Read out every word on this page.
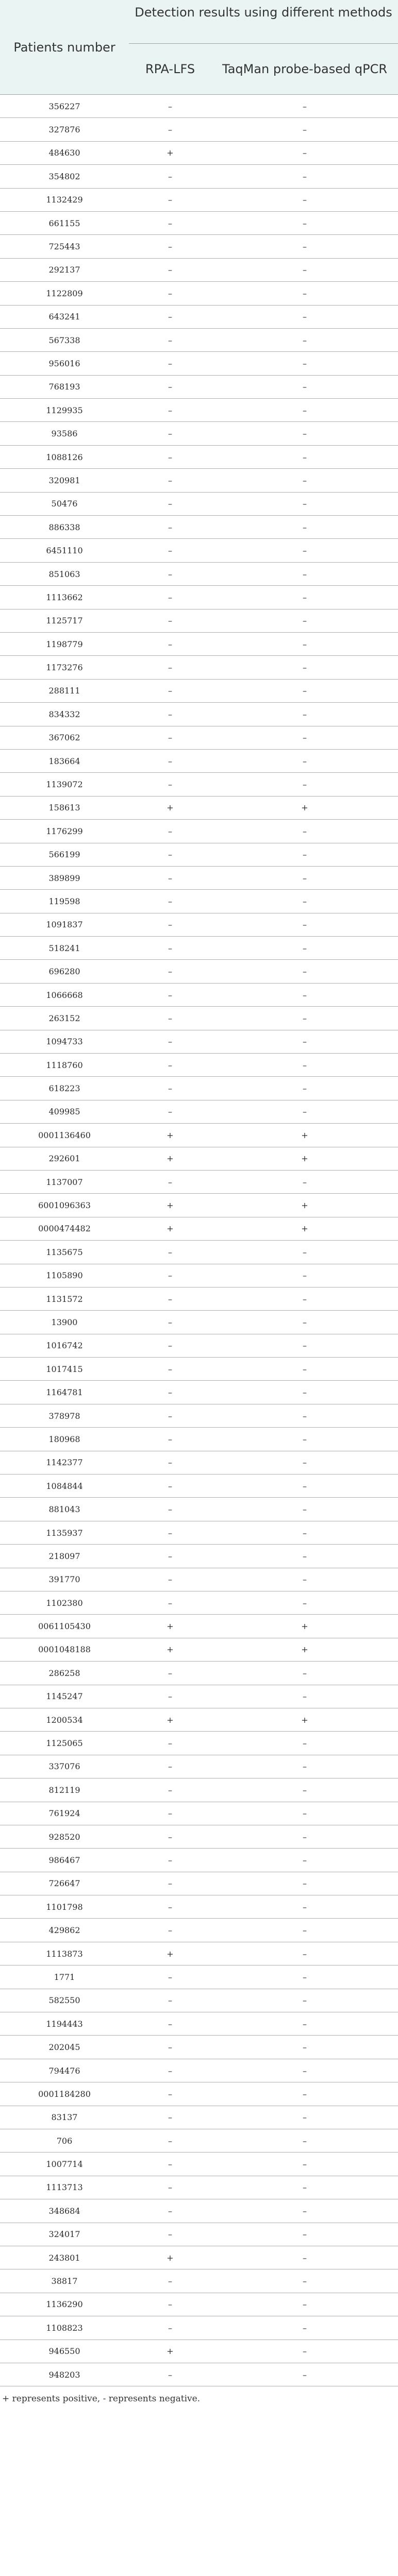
Patients number	Detection results using different methods	
	RPA-LFS	TaqMan probe-based qPCR
356227	–	–
327876	–	–
484630	+	–
354802	–	–
1132429	–	–
661155	–	–
725443	–	–
292137	–	–
1122809	–	–
643241	–	–
567338	–	–
956016	–	–
768193	–	–
1129935	–	–
93586	–	–
1088126	–	–
320981	–	–
50476	–	–
886338	–	–
6451110	–	–
851063	–	–
1113662	–	–
1125717	–	–
1198779	–	–
1173276	–	–
288111	–	–
834332	–	–
367062	–	–
183664	–	–
1139072	–	–
158613	+	+
1176299	–	–
566199	–	–
389899	–	–
119598	–	–
1091837	–	–
518241	–	–
696280	–	–
1066668	–	–
263152	–	–
1094733	–	–
1118760	–	–
618223	–	–
409985	–	–
0001136460	+	+
292601	+	+
1137007	–	–
6001096363	+	+
0000474482	+	+
1135675	–	–
1105890	–	–
1131572	–	–
13900	–	–
1016742	–	–
1017415	–	–
1164781	–	–
378978	–	–
180968	–	–
1142377	–	–
1084844	–	–
881043	–	–
1135937	–	–
218097	–	–
391770	–	–
1102380	–	–
0061105430	+	+
0001048188	+	+
286258	–	–
1145247	–	–
1200534	+	+
1125065	–	–
337076	–	–
812119	–	–
761924	–	–
928520	–	–
986467	–	–
726647	–	–
1101798	–	–
429862	–	–
1113873	+	–
1771	–	–
582550	–	–
1194443	–	–
202045	–	–
794476	–	–
0001184280	–	–
83137	–	–
706	–	–
1007714	–	–
1113713	–	–
348684	–	–
324017	–	–
243801	+	–
38817	–	–
1136290	–	–
1108823	–	–
946550	+	–
948203	–	–
+ represents positive, - represents negative.
